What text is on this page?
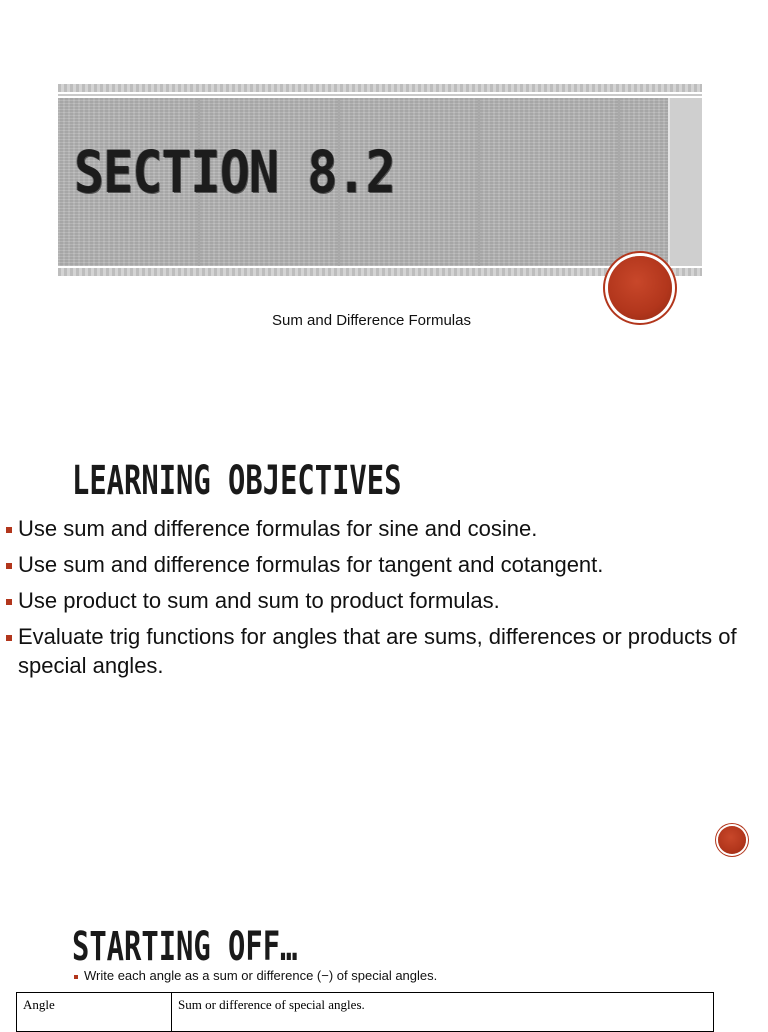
SECTION 8.2
Sum and Difference Formulas
LEARNING OBJECTIVES
Use sum and difference formulas for sine and cosine.
Use sum and difference formulas for tangent and cotangent.
Use product to sum and sum to product formulas.
Evaluate trig functions for angles that are sums, differences or products of special angles.
STARTING OFF…
Write each angle as a sum or difference (−) of special angles.
Angle	Sum or difference of special angles.
